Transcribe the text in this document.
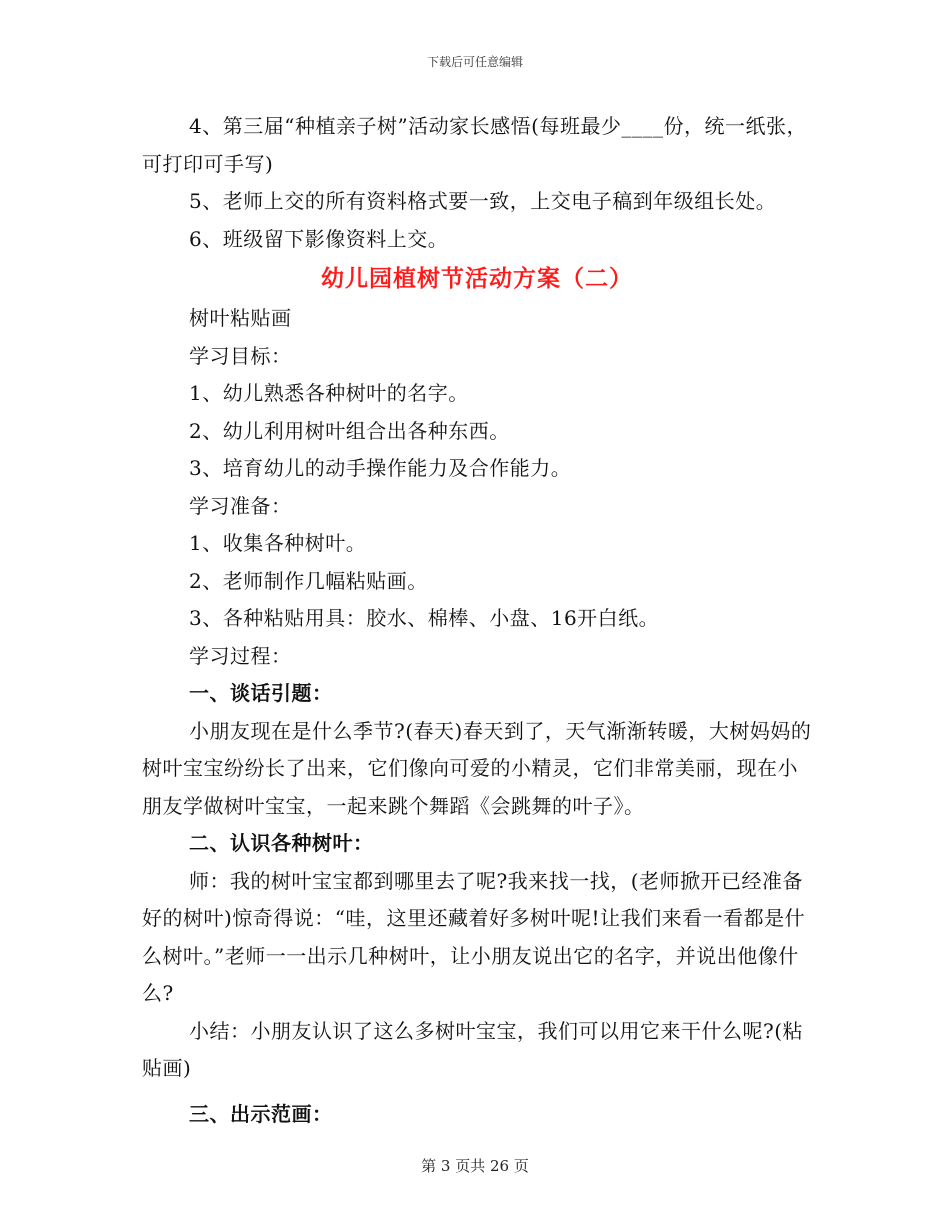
下载后可任意编辑

4、第三届“种植亲子树”活动家长感悟(每班最少____份，统一纸张，可打印可手写)

5、老师上交的所有资料格式要一致，上交电子稿到年级组长处。

6、班级留下影像资料上交。

幼儿园植树节活动方案（二）

树叶粘贴画

学习目标：

1、幼儿熟悉各种树叶的名字。

2、幼儿利用树叶组合出各种东西。

3、培育幼儿的动手操作能力及合作能力。

学习准备：

1、收集各种树叶。

2、老师制作几幅粘贴画。

3、各种粘贴用具：胶水、棉棒、小盘、16开白纸。

学习过程：

一、谈话引题：

小朋友现在是什么季节?(春天)春天到了，天气渐渐转暖，大树妈妈的树叶宝宝纷纷长了出来，它们像向可爱的小精灵，它们非常美丽，现在小朋友学做树叶宝宝，一起来跳个舞蹈《会跳舞的叶子》。

二、认识各种树叶：

师：我的树叶宝宝都到哪里去了呢?我来找一找，(老师掀开已经准备好的树叶)惊奇得说：“哇，这里还藏着好多树叶呢!让我们来看一看都是什么树叶。”老师一一出示几种树叶，让小朋友说出它的名字，并说出他像什么?

小结：小朋友认识了这么多树叶宝宝，我们可以用它来干什么呢?(粘贴画)

三、出示范画：

第 3 页共 26 页
